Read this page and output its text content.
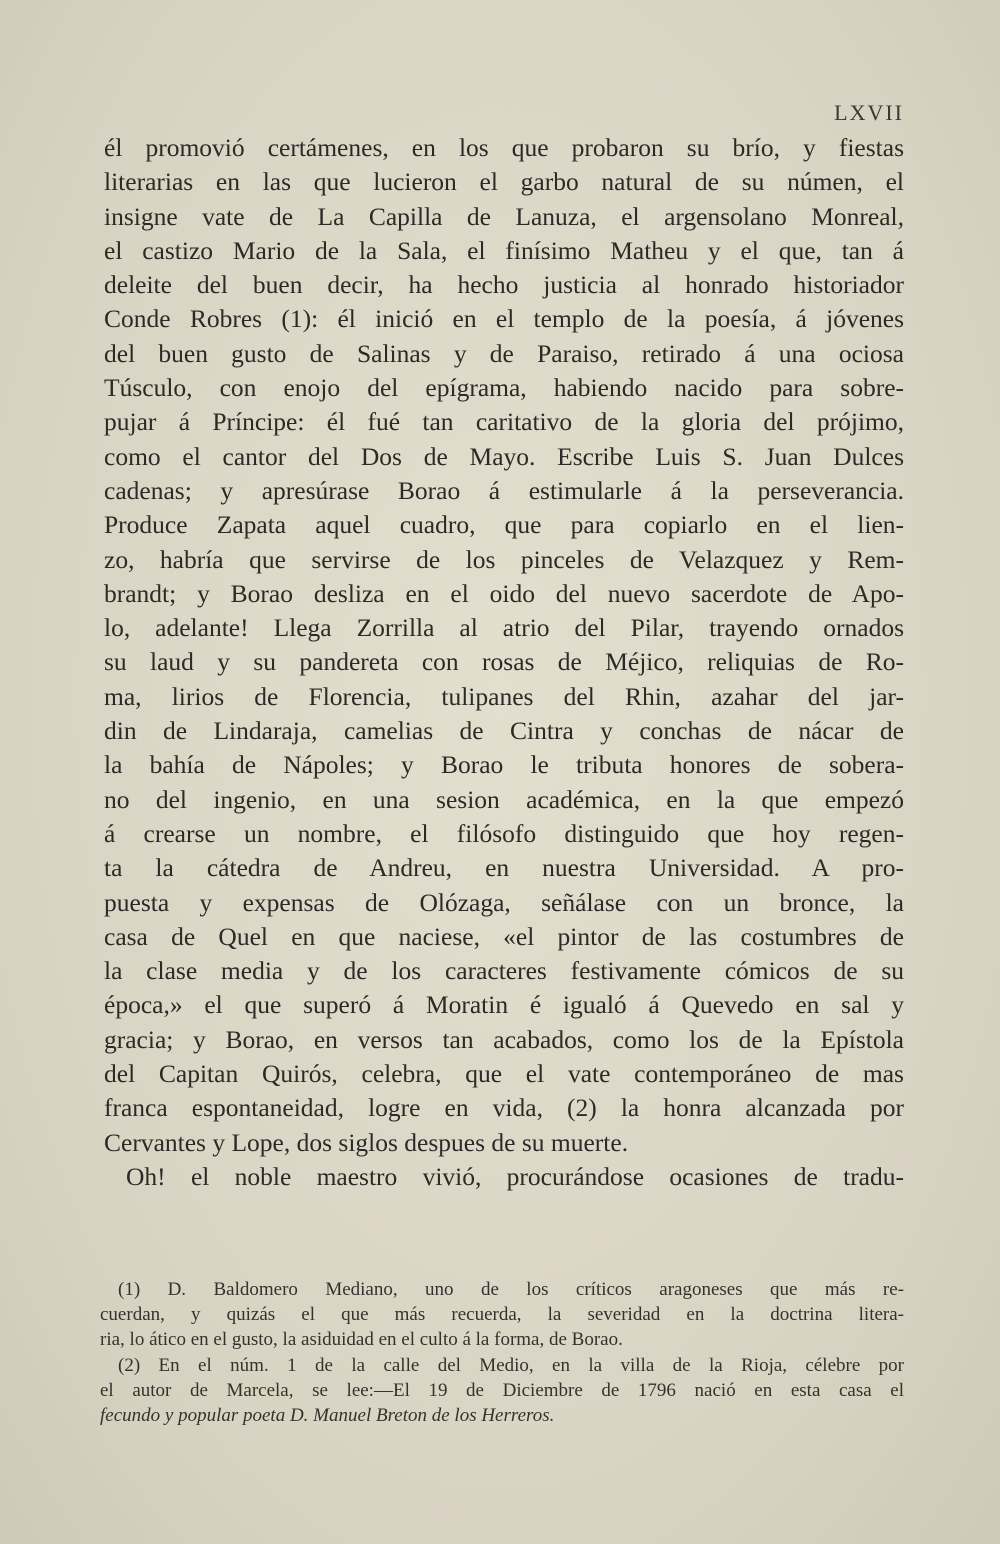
LXVII
él promovió certámenes, en los que probaron su brío, y fiestas
literarias en las que lucieron el garbo natural de su númen, el
insigne vate de La Capilla de Lanuza, el argensolano Monreal,
el castizo Mario de la Sala, el finísimo Matheu y el que, tan á
deleite del buen decir, ha hecho justicia al honrado historiador
Conde Robres (1): él inició en el templo de la poesía, á jóvenes
del buen gusto de Salinas y de Paraiso, retirado á una ociosa
Túsculo, con enojo del epígrama, habiendo nacido para sobre-
pujar á Príncipe: él fué tan caritativo de la gloria del prójimo,
como el cantor del Dos de Mayo. Escribe Luis S. Juan Dulces
cadenas; y apresúrase Borao á estimularle á la perseverancia.
Produce Zapata aquel cuadro, que para copiarlo en el lien-
zo, habría que servirse de los pinceles de Velazquez y Rem-
brandt; y Borao desliza en el oido del nuevo sacerdote de Apo-
lo, adelante! Llega Zorrilla al atrio del Pilar, trayendo ornados
su laud y su pandereta con rosas de Méjico, reliquias de Ro-
ma, lirios de Florencia, tulipanes del Rhin, azahar del jar-
din de Lindaraja, camelias de Cintra y conchas de nácar de
la bahía de Nápoles; y Borao le tributa honores de sobera-
no del ingenio, en una sesion académica, en la que empezó
á crearse un nombre, el filósofo distinguido que hoy regen-
ta la cátedra de Andreu, en nuestra Universidad. A pro-
puesta y expensas de Olózaga, señálase con un bronce, la
casa de Quel en que naciese, «el pintor de las costumbres de
la clase media y de los caracteres festivamente cómicos de su
época,» el que superó á Moratin é igualó á Quevedo en sal y
gracia; y Borao, en versos tan acabados, como los de la Epístola
del Capitan Quirós, celebra, que el vate contemporáneo de mas
franca espontaneidad, logre en vida, (2) la honra alcanzada por
Cervantes y Lope, dos siglos despues de su muerte.
Oh! el noble maestro vivió, procurándose ocasiones de tradu-
(1) D. Baldomero Mediano, uno de los críticos aragoneses que más re-
cuerdan, y quizás el que más recuerda, la severidad en la doctrina litera-
ria, lo ático en el gusto, la asiduidad en el culto á la forma, de Borao.
(2) En el núm. 1 de la calle del Medio, en la villa de la Rioja, célebre por
el autor de Marcela, se lee:—El 19 de Diciembre de 1796 nació en esta casa el
fecundo y popular poeta D. Manuel Breton de los Herreros.
